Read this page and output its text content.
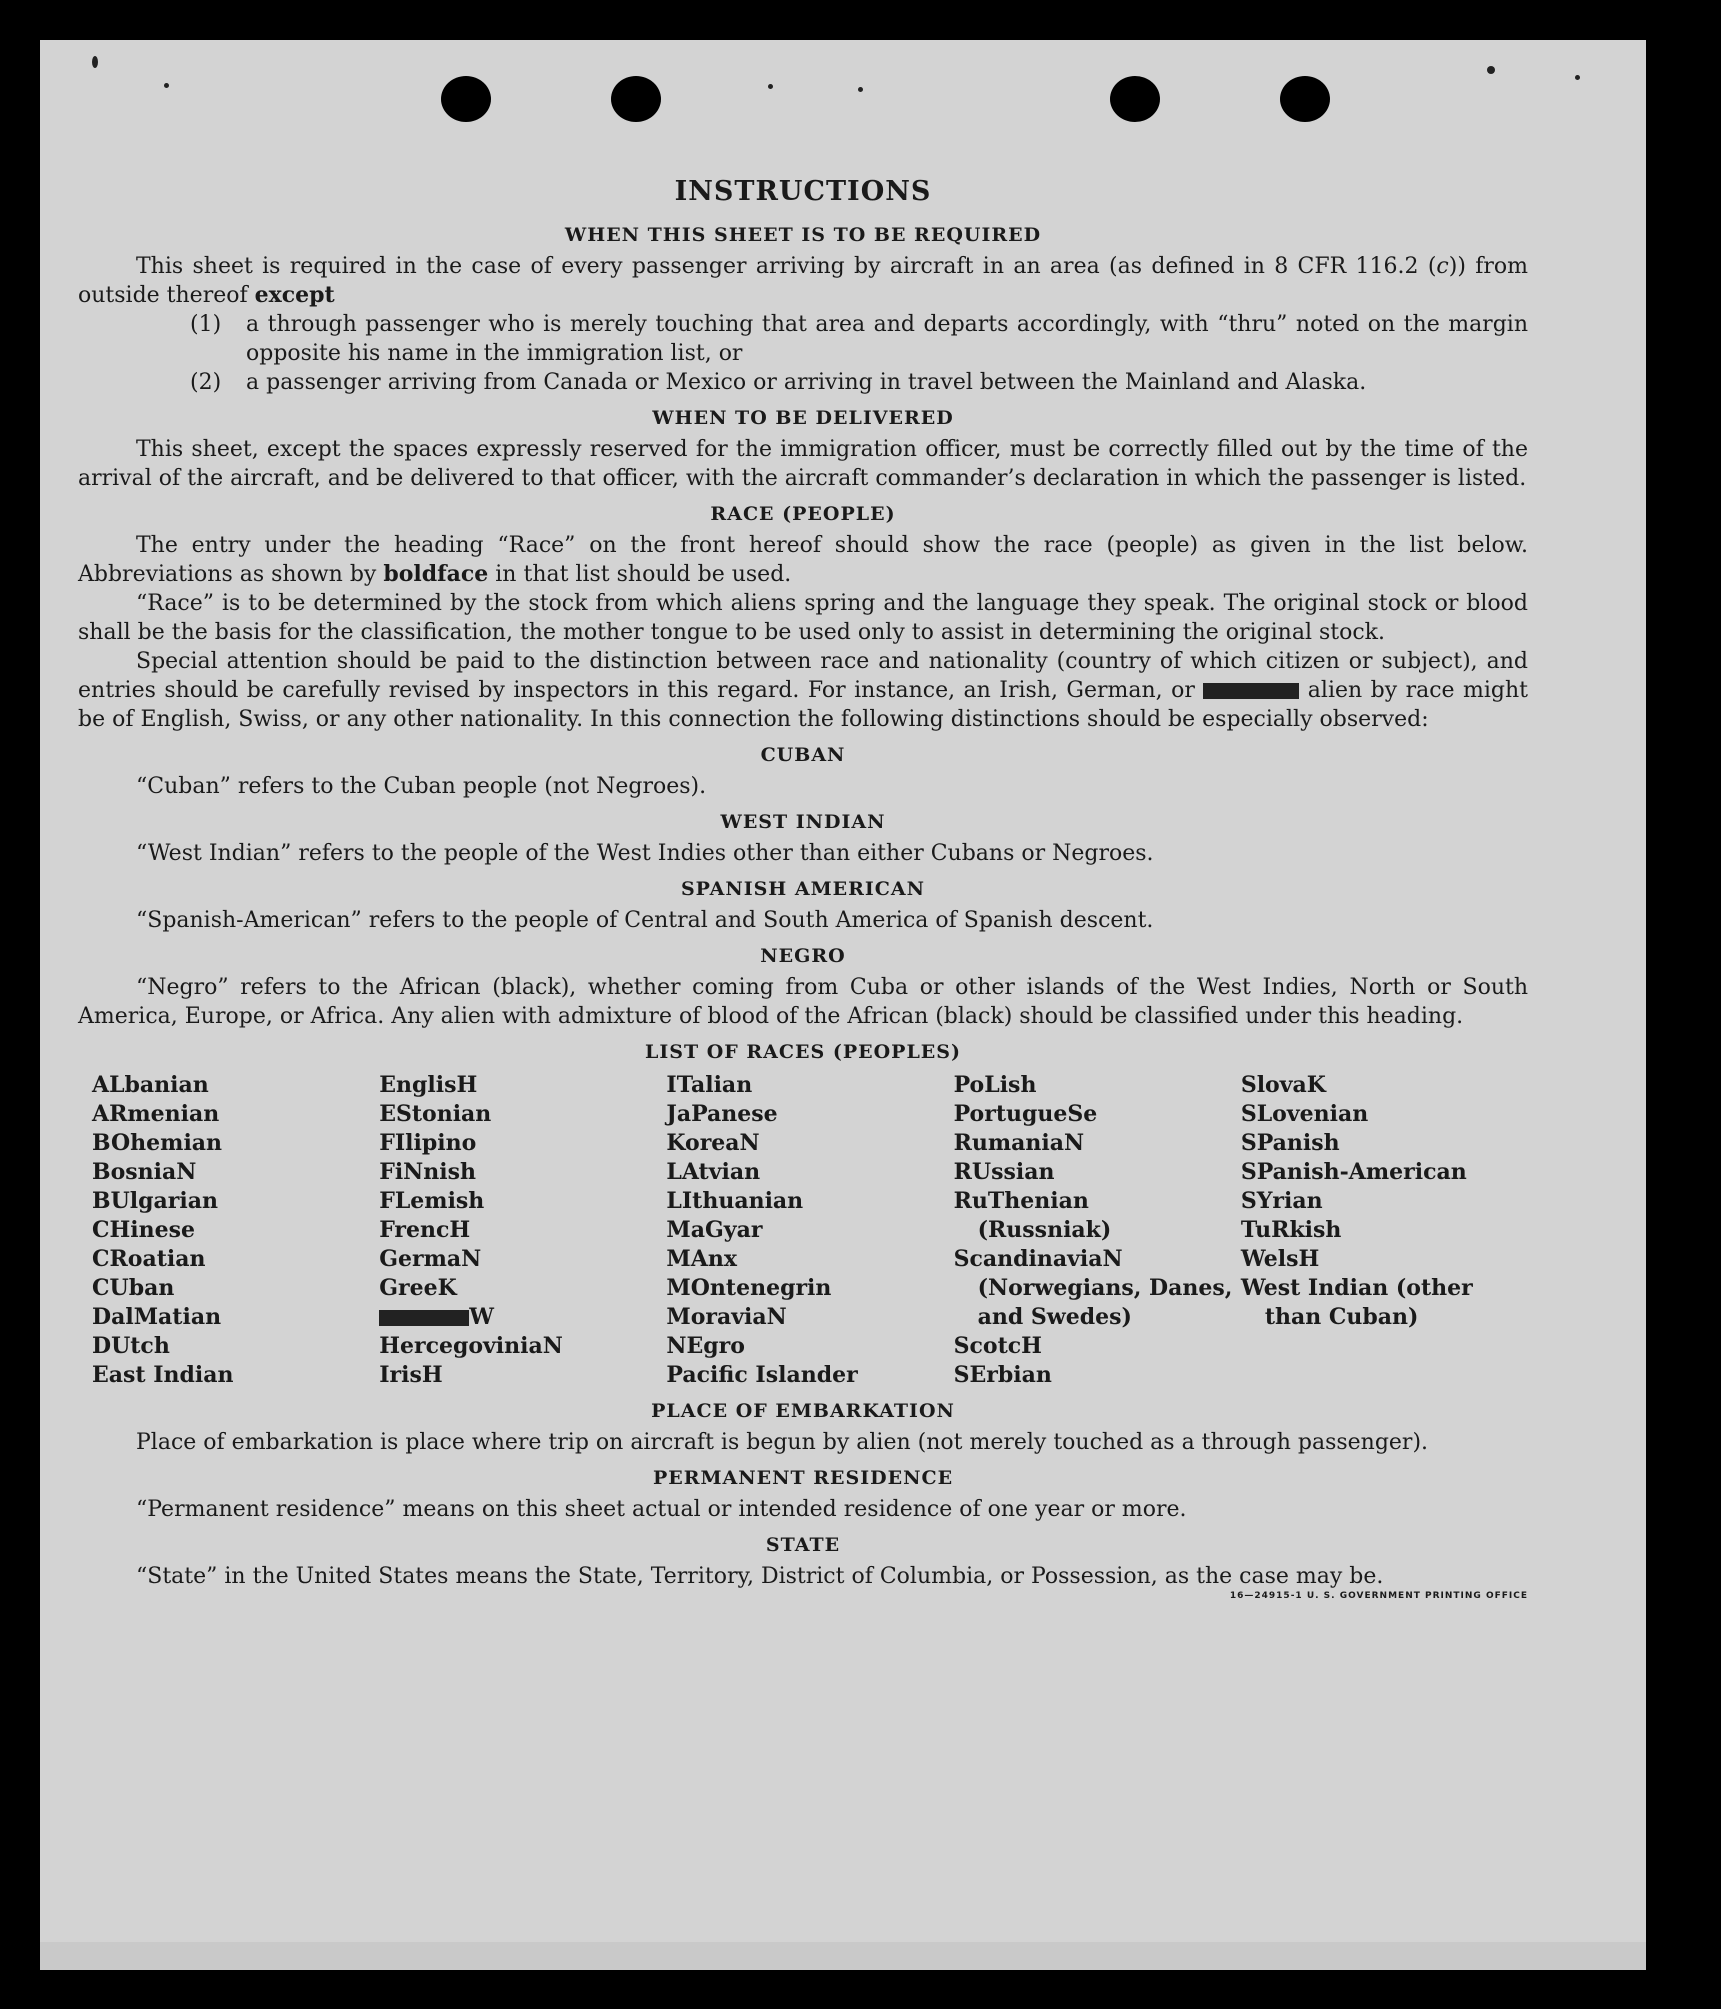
INSTRUCTIONS
WHEN THIS SHEET IS TO BE REQUIRED

This sheet is required in the case of every passenger arriving by aircraft in an area (as defined in 8 CFR 116.2 (c)) from outside thereof except

(1)	a through passenger who is merely touching that area and departs accordingly, with “thru” noted on the margin opposite his name in the immigration list, or
(2)	a passenger arriving from Canada or Mexico or arriving in travel between the Mainland and Alaska.
WHEN TO BE DELIVERED

This sheet, except the spaces expressly reserved for the immigration officer, must be correctly filled out by the time of the arrival of the aircraft, and be delivered to that officer, with the aircraft commander’s declaration in which the passenger is listed.

RACE (PEOPLE)

The entry under the heading “Race” on the front hereof should show the race (people) as given in the list below. Abbreviations as shown by boldface in that list should be used.

“Race” is to be determined by the stock from which aliens spring and the language they speak. The original stock or blood shall be the basis for the classification, the mother tongue to be used only to assist in determining the original stock.

Special attention should be paid to the distinction between race and nationality (country of which citizen or subject), and entries should be carefully revised by inspectors in this regard. For instance, an Irish, German, or	alien by race might be of English, Swiss, or any other nationality. In this connection the following distinctions should be especially observed:

CUBAN

“Cuban” refers to the Cuban people (not Negroes).

WEST INDIAN

“West Indian” refers to the people of the West Indies other than either Cubans or Negroes.

SPANISH AMERICAN

“Spanish-American” refers to the people of Central and South America of Spanish descent.

NEGRO

“Negro” refers to the African (black), whether coming from Cuba or other islands of the West Indies, North or South America, Europe, or Africa. Any alien with admixture of blood of the African (black) should be classified under this heading.

LIST OF RACES (PEOPLES)
ALbanian
ARmenian
BOhemian
BosniaN
BUlgarian
CHinese
CRoatian
CUban
DalMatian
DUtch
East Indian
EnglisH
EStonian
FIlipino
FiNnish
FLemish
FrencH
GermaN
GreeK
W
HercegoviniaN
IrisH
ITalian
JaPanese
KoreaN
LAtvian
LIthuanian
MaGyar
MAnx
MOntenegrin
MoraviaN
NEgro
Pacific Islander
PoLish
PortugueSe
RumaniaN
RUssian
RuThenian (Russniak)
ScandinaviaN (Norwegians, Danes, and Swedes)
ScotcH
SErbian
SlovaK
SLovenian
SPanish
SPanish-American
SYrian
TuRkish
WelsH
West Indian (other than Cuban)
PLACE OF EMBARKATION

Place of embarkation is place where trip on aircraft is begun by alien (not merely touched as a through passenger).

PERMANENT RESIDENCE

“Permanent residence” means on this sheet actual or intended residence of one year or more.

STATE

“State” in the United States means the State, Territory, District of Columbia, or Possession, as the case may be.

16—24915-1 U. S. GOVERNMENT PRINTING OFFICE
